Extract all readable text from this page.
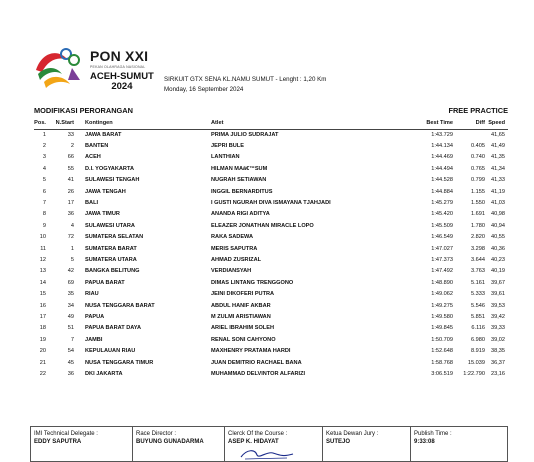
PON XXI
PEKAN OLAHRAGA NASIONAL
ACEH-SUMUT
2024
SIRKUIT GTX SENA KL.NAMU SUMUT - Lenght : 1,20 Km
Monday, 16 September 2024
MODIFIKASI PERORANGAN	FREE PRACTICE
Pos.	N.Start	Kontingen	Atlet	Best Time	Diff	Speed
1	33	JAWA BARAT	PRIMA JULIO SUDRAJAT	1:43.729		41,65
2	2	BANTEN	JEPRI BULE	1:44.134	0.405	41,49
3	66	ACEH	LANTHIAN	1:44.469	0.740	41,35
4	55	D.I. YOGYAKARTA	HILMAN MAâ€™SUM	1:44.494	0.765	41,34
5	41	SULAWESI TENGAH	NUGRAH SETIAWAN	1:44.528	0.799	41,33
6	26	JAWA TENGAH	INGGIL BERNARDITUS	1:44.884	1.155	41,19
7	17	BALI	I GUSTI NGURAH DIVA ISMAYANA TJAHJADI	1:45.279	1.550	41,03
8	36	JAWA TIMUR	ANANDA RIGI ADITYA	1:45.420	1.691	40,98
9	4	SULAWESI UTARA	ELEAZER JONATHAN MIRACLE LOPO	1:45.509	1.780	40,94
10	72	SUMATERA SELATAN	RAKA SADEWA	1:46.549	2.820	40,55
11	1	SUMATERA BARAT	MERIS SAPUTRA	1:47.027	3.298	40,36
12	5	SUMATERA UTARA	AHMAD ZUSRIZAL	1:47.373	3.644	40,23
13	42	BANGKA BELITUNG	VERDIANSYAH	1:47.492	3.763	40,19
14	69	PAPUA BARAT	DIMAS LINTANG TRENGGONO	1:48.890	5.161	39,67
15	35	RIAU	JEINI DIKOFERI PUTRA	1:49.062	5.333	39,61
16	34	NUSA TENGGARA BARAT	ABDUL HANIF AKBAR	1:49.275	5.546	39,53
17	49	PAPUA	M ZULMI ARISTIAWAN	1:49.580	5.851	39,42
18	51	PAPUA BARAT DAYA	ARIEL IBRAHIM SOLEH	1:49.845	6.116	39,33
19	7	JAMBI	RENAL SONI CAHYONO	1:50.709	6.980	39,02
20	54	KEPULAUAN RIAU	MAXHENRY PRATAMA HARDI	1:52.648	8.919	38,35
21	45	NUSA TENGGARA TIMUR	JUAN DEMITRIO RACHAEL BANA	1:58.768	15.039	36,37
22	36	DKI JAKARTA	MUHAMMAD DELVINTOR ALFARIZI	3:06.519	1:22.790	23,16
IMI Technical Delegate :
EDDY SAPUTRA
Race Director :
BUYUNG GUNADARMA
Clerck Of the Course :
ASEP K. HIDAYAT
Ketua Dewan Jury :
SUTEJO
Publish Time :
9:33:08
